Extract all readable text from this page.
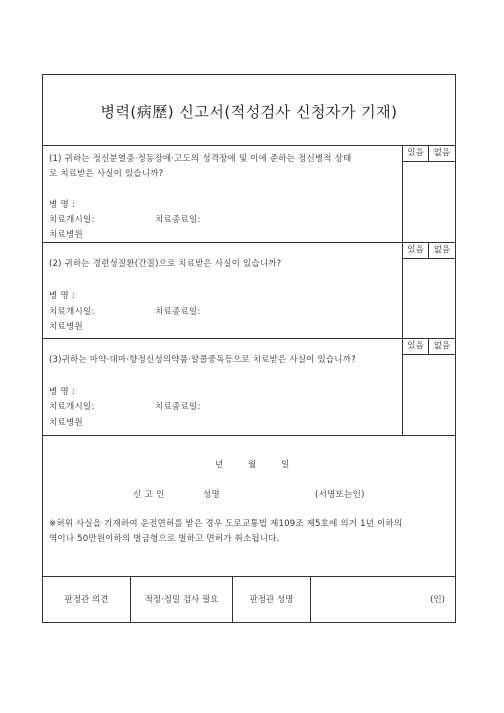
병력(病歷) 신고서(적성검사 신청자가 기재)
(1) 귀하는 정신분열증·정동장애·고도의 성격장애 및 이에 준하는 정신병적 상태
로 치료받은 사실이 있습니까?
병 명 :
치료개시일:	치료종료일:
치료병원
있음	없음
(2) 귀하는 경련성질환(간질)으로 치료받은 사실이 있습니까?
병 명 :
치료개시일:	치료종료일:
치료병원
있음	없음
(3)귀하는 마약·대마·향정신성의약품·알콜중독등으로 치료받은 사실이 있습니까?
병 명 :
치료개시일:	치료종료일:
치료병원
있음	없음
년	월	일
신 고 인	성명	(서명또는인)
※허위 사실을 기재하여 운전면허를 받은 경우 도로교통법 제109조 제5호에 의거 1년 이하의
역이나 50만원이하의 벌금형으로 벌하고 면허가 취소됩니다.
판정관 의견	적정·정밀 검사 필요	판정관 성명	(인)
